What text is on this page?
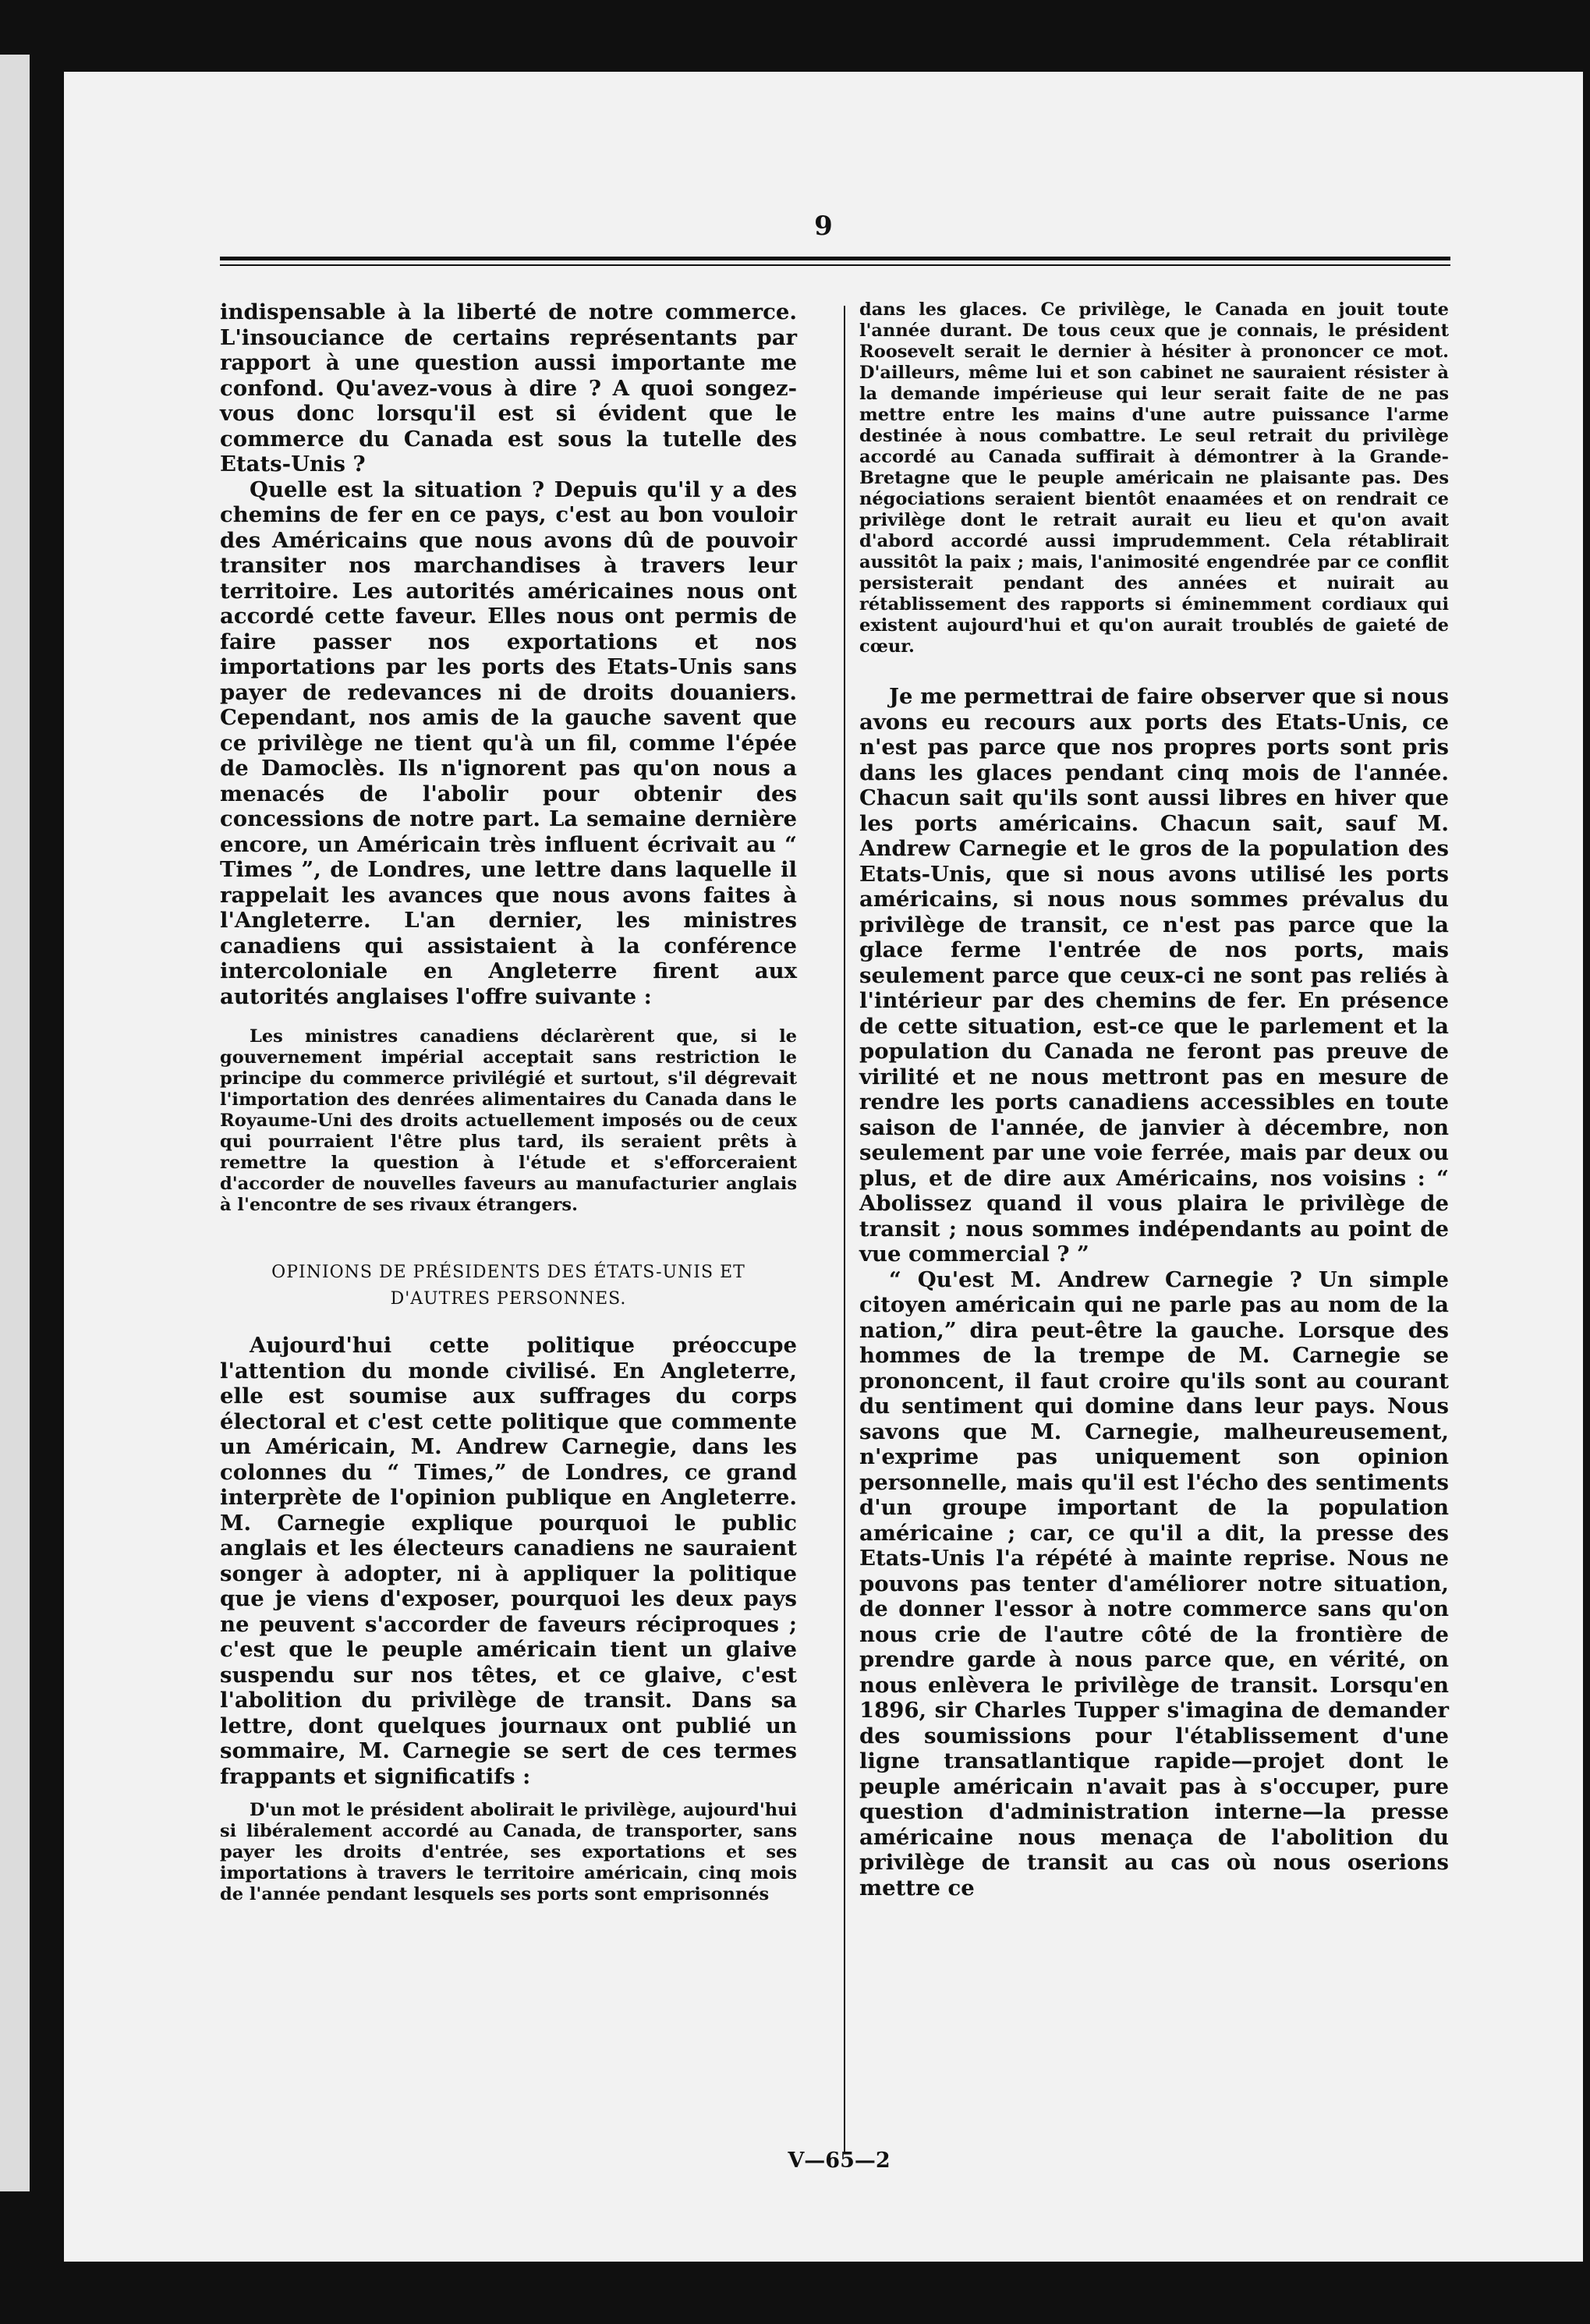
9

indispensable à la liberté de notre commerce. L'insouciance de certains représentants par rapport à une question aussi importante me confond. Qu'avez-vous à dire ? A quoi songez-vous donc lorsqu'il est si évident que le commerce du Canada est sous la tutelle des Etats-Unis ?

Quelle est la situation ? Depuis qu'il y a des chemins de fer en ce pays, c'est au bon vouloir des Américains que nous avons dû de pouvoir transiter nos marchandises à travers leur territoire. Les autorités américaines nous ont accordé cette faveur. Elles nous ont permis de faire passer nos exportations et nos importations par les ports des Etats-Unis sans payer de redevances ni de droits douaniers. Cependant, nos amis de la gauche savent que ce privilège ne tient qu'à un fil, comme l'épée de Damoclès. Ils n'ignorent pas qu'on nous a menacés de l'abolir pour obtenir des concessions de notre part. La semaine dernière encore, un Américain très influent écrivait au “ Times ”, de Londres, une lettre dans laquelle il rappelait les avances que nous avons faites à l'Angleterre. L'an dernier, les ministres canadiens qui assistaient à la conférence intercoloniale en Angleterre firent aux autorités anglaises l'offre suivante :

Les ministres canadiens déclarèrent que, si le gouvernement impérial acceptait sans restriction le principe du commerce privilégié et surtout, s'il dégrevait l'importation des denrées alimentaires du Canada dans le Royaume-Uni des droits actuellement imposés ou de ceux qui pourraient l'être plus tard, ils seraient prêts à remettre la question à l'étude et s'efforceraient d'accorder de nouvelles faveurs au manufacturier anglais à l'encontre de ses rivaux étrangers.

OPINIONS DE PRÉSIDENTS DES ÉTATS-UNIS ET
D'AUTRES PERSONNES.

Aujourd'hui cette politique préoccupe l'attention du monde civilisé. En Angleterre, elle est soumise aux suffrages du corps électoral et c'est cette politique que commente un Américain, M. Andrew Carnegie, dans les colonnes du “ Times,” de Londres, ce grand interprète de l'opinion publique en Angleterre. M. Carnegie explique pourquoi le public anglais et les électeurs canadiens ne sauraient songer à adopter, ni à appliquer la politique que je viens d'exposer, pourquoi les deux pays ne peuvent s'accorder de faveurs réciproques ; c'est que le peuple américain tient un glaive suspendu sur nos têtes, et ce glaive, c'est l'abolition du privilège de transit. Dans sa lettre, dont quelques journaux ont publié un sommaire, M. Carnegie se sert de ces termes frappants et significatifs :

D'un mot le président abolirait le privilège, aujourd'hui si libéralement accordé au Canada, de transporter, sans payer les droits d'entrée, ses exportations et ses importations à travers le territoire américain, cinq mois de l'année pendant lesquels ses ports sont emprisonnés

dans les glaces. Ce privilège, le Canada en jouit toute l'année durant. De tous ceux que je connais, le président Roosevelt serait le dernier à hésiter à prononcer ce mot. D'ailleurs, même lui et son cabinet ne sauraient résister à la demande impérieuse qui leur serait faite de ne pas mettre entre les mains d'une autre puissance l'arme destinée à nous combattre. Le seul retrait du privilège accordé au Canada suffirait à démontrer à la Grande-Bretagne que le peuple américain ne plaisante pas. Des négociations seraient bientôt enaamées et on rendrait ce privilège dont le retrait aurait eu lieu et qu'on avait d'abord accordé aussi imprudemment. Cela rétablirait aussitôt la paix ; mais, l'animosité engendrée par ce conflit persisterait pendant des années et nuirait au rétablissement des rapports si éminemment cordiaux qui existent aujourd'hui et qu'on aurait troublés de gaieté de cœur.

Je me permettrai de faire observer que si nous avons eu recours aux ports des Etats-Unis, ce n'est pas parce que nos propres ports sont pris dans les glaces pendant cinq mois de l'année. Chacun sait qu'ils sont aussi libres en hiver que les ports américains. Chacun sait, sauf M. Andrew Carnegie et le gros de la population des Etats-Unis, que si nous avons utilisé les ports américains, si nous nous sommes prévalus du privilège de transit, ce n'est pas parce que la glace ferme l'entrée de nos ports, mais seulement parce que ceux-ci ne sont pas reliés à l'intérieur par des chemins de fer. En présence de cette situation, est-ce que le parlement et la population du Canada ne feront pas preuve de virilité et ne nous mettront pas en mesure de rendre les ports canadiens accessibles en toute saison de l'année, de janvier à décembre, non seulement par une voie ferrée, mais par deux ou plus, et de dire aux Américains, nos voisins : “ Abolissez quand il vous plaira le privilège de transit ; nous sommes indépendants au point de vue commercial ? ”

“ Qu'est M. Andrew Carnegie ? Un simple citoyen américain qui ne parle pas au nom de la nation,” dira peut-être la gauche. Lorsque des hommes de la trempe de M. Carnegie se prononcent, il faut croire qu'ils sont au courant du sentiment qui domine dans leur pays. Nous savons que M. Carnegie, malheureusement, n'exprime pas uniquement son opinion personnelle, mais qu'il est l'écho des sentiments d'un groupe important de la population américaine ; car, ce qu'il a dit, la presse des Etats-Unis l'a répété à mainte reprise. Nous ne pouvons pas tenter d'améliorer notre situation, de donner l'essor à notre commerce sans qu'on nous crie de l'autre côté de la frontière de prendre garde à nous parce que, en vérité, on nous enlèvera le privilège de transit. Lorsqu'en 1896, sir Charles Tupper s'imagina de demander des soumissions pour l'établissement d'une ligne transatlantique rapide—projet dont le peuple américain n'avait pas à s'occuper, pure question d'administration interne—la presse américaine nous menaça de l'abolition du privilège de transit au cas où nous oserions mettre ce

V—65—2
